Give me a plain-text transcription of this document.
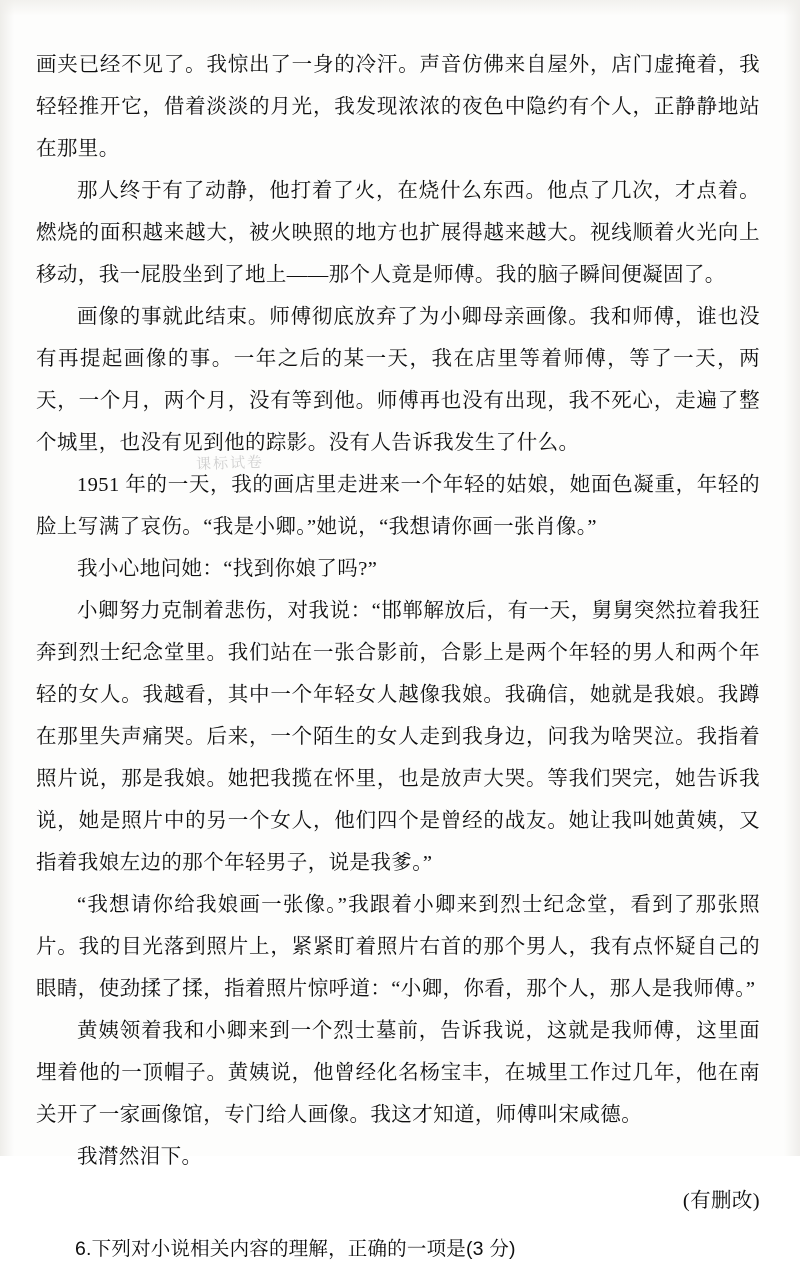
画夹已经不见了。我惊出了一身的冷汗。声音仿佛来自屋外，店门虚掩着，我轻轻推开它，借着淡淡的月光，我发现浓浓的夜色中隐约有个人，正静静地站在那里。

那人终于有了动静，他打着了火，在烧什么东西。他点了几次，才点着。燃烧的面积越来越大，被火映照的地方也扩展得越来越大。视线顺着火光向上移动，我一屁股坐到了地上——那个人竟是师傅。我的脑子瞬间便凝固了。

画像的事就此结束。师傅彻底放弃了为小卿母亲画像。我和师傅，谁也没有再提起画像的事。一年之后的某一天，我在店里等着师傅，等了一天，两天，一个月，两个月，没有等到他。师傅再也没有出现，我不死心，走遍了整个城里，也没有见到他的踪影。没有人告诉我发生了什么。

1951 年的一天，我的画店里走进来一个年轻的姑娘，她面色凝重，年轻的脸上写满了哀伤。“我是小卿。”她说，“我想请你画一张肖像。”

我小心地问她：“找到你娘了吗?”

小卿努力克制着悲伤，对我说：“邯郸解放后，有一天，舅舅突然拉着我狂奔到烈士纪念堂里。我们站在一张合影前，合影上是两个年轻的男人和两个年轻的女人。我越看，其中一个年轻女人越像我娘。我确信，她就是我娘。我蹲在那里失声痛哭。后来，一个陌生的女人走到我身边，问我为啥哭泣。我指着照片说，那是我娘。她把我揽在怀里，也是放声大哭。等我们哭完，她告诉我说，她是照片中的另一个女人，他们四个是曾经的战友。她让我叫她黄姨，又指着我娘左边的那个年轻男子，说是我爹。”

“我想请你给我娘画一张像。”我跟着小卿来到烈士纪念堂，看到了那张照片。我的目光落到照片上，紧紧盯着照片右首的那个男人，我有点怀疑自己的眼睛，使劲揉了揉，指着照片惊呼道：“小卿，你看，那个人，那人是我师傅。”

黄姨领着我和小卿来到一个烈士墓前，告诉我说，这就是我师傅，这里面埋着他的一顶帽子。黄姨说，他曾经化名杨宝丰，在城里工作过几年，他在南关开了一家画像馆，专门给人画像。我这才知道，师傅叫宋咸德。

我潸然泪下。

(有删改)

6.下列对小说相关内容的理解，正确的一项是(3 分)

课标试卷
